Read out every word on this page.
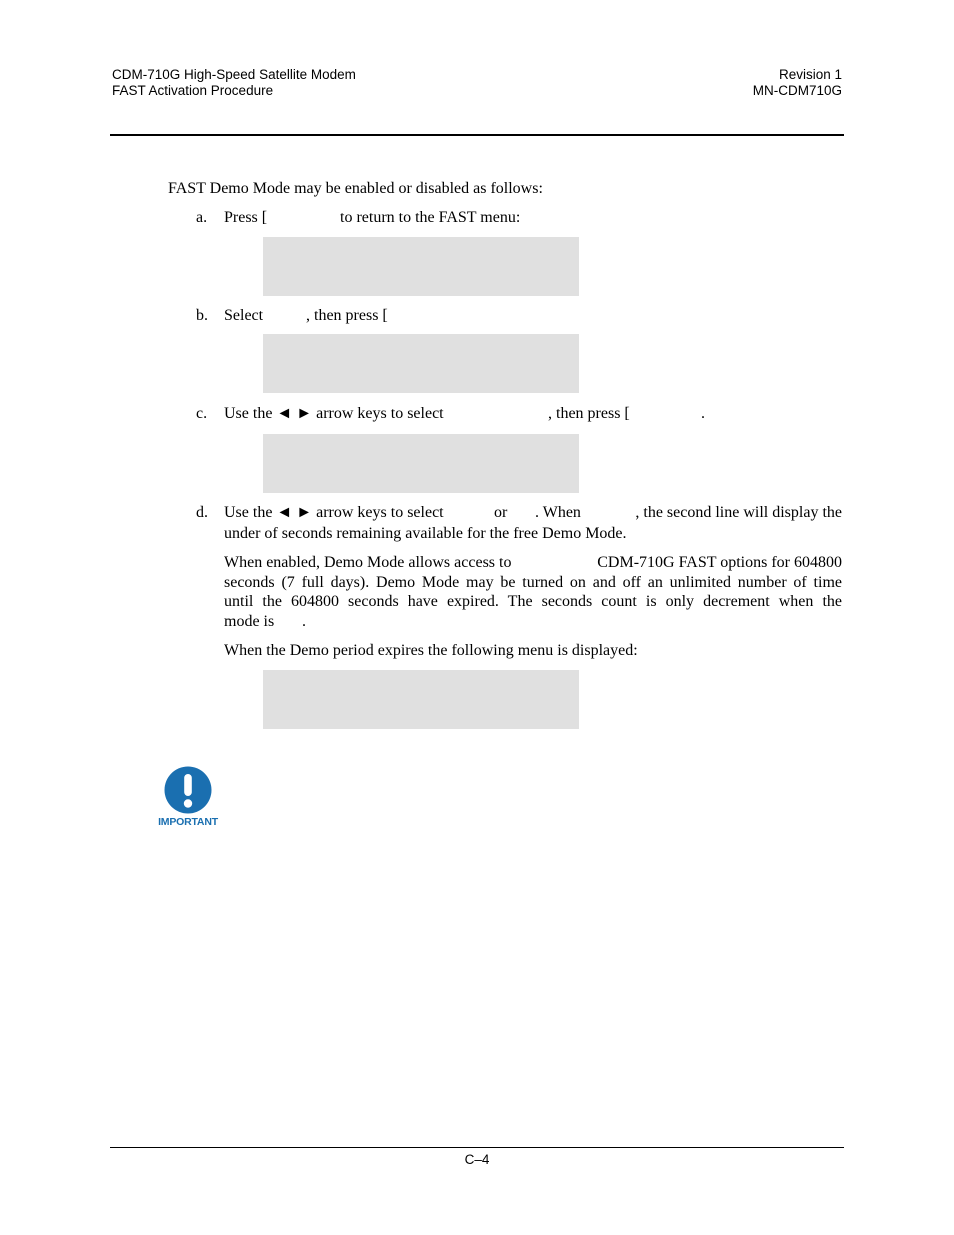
CDM-710G High-Speed Satellite Modem
FAST Activation Procedure
Revision 1
MN-CDM710G
FAST Demo Mode may be enabled or disabled as follows:
a. Press [	to return to the FAST menu:
b. Select	, then press [
c. Use the ◄ ► arrow keys to select	, then press [	.
d. Use the ◄ ► arrow keys to select	or . When	, the second line will display the
under of seconds remaining available for the free Demo Mode.
When enabled, Demo Mode allows access to	CDM-710G FAST options for 604800
seconds (7 full days). Demo Mode may be turned on and off an unlimited number of time
until the 604800 seconds have expired. The seconds count is only decrement when the
mode is .
When the Demo period expires the following menu is displayed:
IMPORTANT
C–4
